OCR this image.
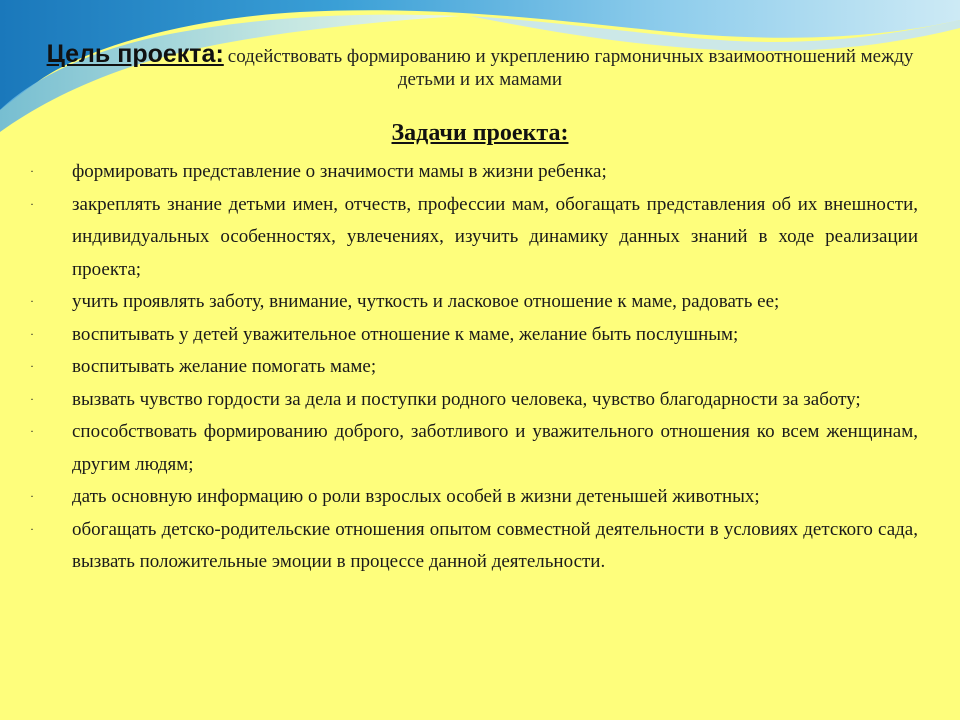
Цель проекта: содействовать формированию и укреплению гармоничных взаимоотношений между детьми и их мамами
Задачи проекта:
· формировать представление о значимости мамы в жизни ребенка;
· закреплять знание детьми имен, отчеств, профессии мам, обогащать представления об их внешности, индивидуальных особенностях, увлечениях, изучить динамику данных знаний в ходе реализации проекта;
· учить проявлять заботу, внимание, чуткость и ласковое отношение к маме, радовать ее;
· воспитывать у детей уважительное отношение к маме, желание быть послушным;
· воспитывать желание помогать маме;
· вызвать чувство гордости за дела и поступки родного человека, чувство благодарности за заботу;
· способствовать формированию доброго, заботливого и уважительного отношения ко всем женщинам, другим людям;
· дать основную информацию о роли взрослых особей в жизни детенышей животных;
· обогащать детско-родительские отношения опытом совместной деятельности в условиях детского сада, вызвать положительные эмоции в процессе данной деятельности.
